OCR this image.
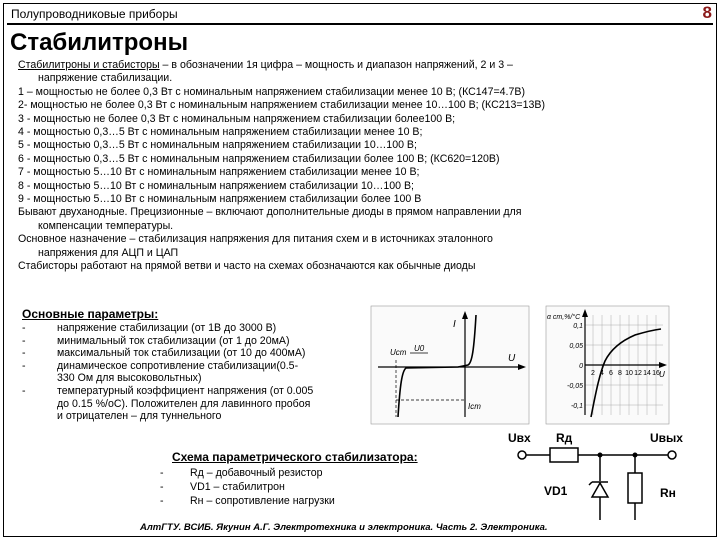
Полупроводниковые приборы	8
Стабилитроны
Стабилитроны и стабисторы – в обозначении 1я цифра – мощность и диапазон напряжений, 2 и 3 –
напряжение стабилизации.
1 – мощностью не более 0,3 Вт с номинальным напряжением стабилизации менее 10 В; (КС147=4.7В)
2- мощностью не более 0,3 Вт с номинальным напряжением стабилизации менее 10…100 В; (КС213=13В)
3 - мощностью не более 0,3 Вт с номинальным напряжением стабилизации более100 В;
4 - мощностью 0,3…5 Вт с номинальным напряжением стабилизации менее 10 В;
5 - мощностью 0,3…5 Вт с номинальным напряжением стабилизации 10…100 В;
6 - мощностью 0,3…5 Вт с номинальным напряжением стабилизации более 100 В; (КС620=120В)
7 - мощностью 5…10 Вт с номинальным напряжением стабилизации менее 10 В;
8 - мощностью 5…10 Вт с номинальным напряжением стабилизации 10…100 В;
9 - мощностью 5…10 Вт с номинальным напряжением стабилизации более 100 В
Бывают двуханодные. Прецизионные – включают дополнительные диоды в прямом направлении для
компенсации температуры.
Основное назначение – стабилизация напряжения для питания схем и в источниках эталонного
напряжения для АЦП и ЦАП
Стабисторы работают на прямой ветви и часто на схемах обозначаются как обычные диоды
Основные параметры:
-	напряжение стабилизации (от 1В до 3000 В)
-	минимальный ток стабилизации (от 1 до 20мА)
-	максимальный ток стабилизации (от 10 до 400мА)
-	динамическое сопротивление стабилизации(0.5-
330 Ом для высоковольтных)
-	температурный коэффициент напряжения (от 0.005
до 0.15 %/оС). Положителен для лавинного пробоя
и отрицателен – для туннельного
I
U
Uст U0
Iст
α ст,%/°C
0,1
0,05
0
-0,05
-0,1
2 4 6 8 10 12 14 16 U
Схема параметрического стабилизатора:
-	Rд – добавочный резистор
-	VD1 – стабилитрон
-	Rн – сопротивление нагрузки
Uвх Rд	Uвых
VD1	Rн
АлтГТУ. ВСИБ. Якунин А.Г. Электротехника и электроника. Часть 2. Электроника.
